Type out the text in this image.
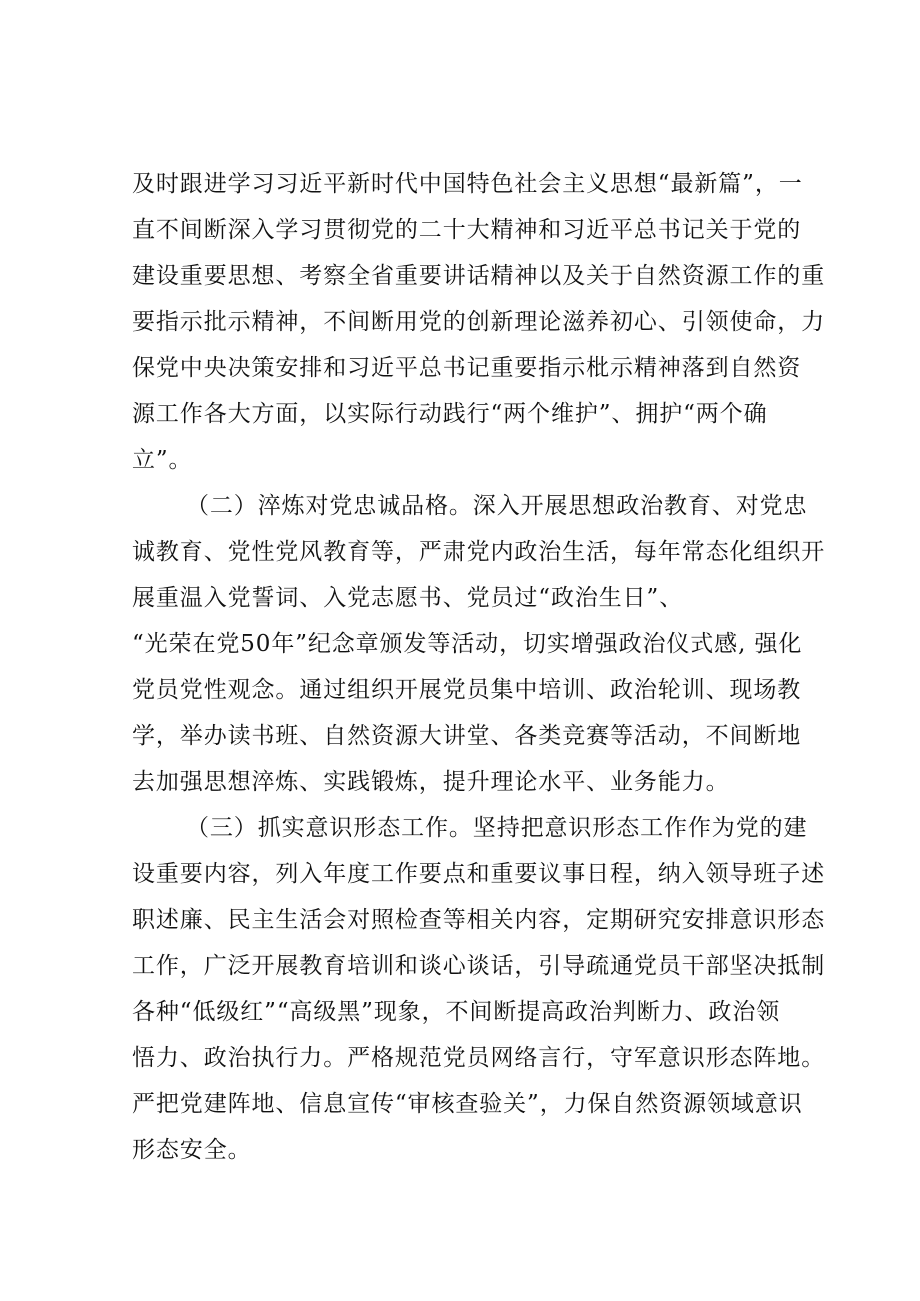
及时跟进学习习近平新时代中国特色社会主义思想“最新篇”，一
直不间断深入学习贯彻党的二十大精神和习近平总书记关于党的
建设重要思想、考察全省重要讲话精神以及关于自然资源工作的重
要指示批示精神，不间断用党的创新理论滋养初心、引领使命，力
保党中央决策安排和习近平总书记重要指示枇示精神落到自然资
源工作各大方面，以实际行动践行“两个维护”、拥护“两个确
立”。
（二）淬炼对党忠诚品格。深入开展思想政治教育、对党忠
诚教育、党性党风教育等，严肃党内政治生活，每年常态化组织开
展重温入党誓词、入党志愿书、党员过“政治生日”、
“光荣在党50年”纪念章颁发等活动，切实增强政治仪式感, 强化
党员党性观念。通过组织开展党员集中培训、政治轮训、现场教
学，举办读书班、自然资源大讲堂、各类竞赛等活动，不间断地
去加强思想淬炼、实践锻炼，提升理论水平、业务能力。
（三）抓实意识形态工作。坚持把意识形态工作作为党的建
设重要内容，列入年度工作要点和重要议事日程，纳入领导班子述
职述廉、民主生活会对照检查等相关内容，定期研究安排意识形态
工作，广泛开展教育培训和谈心谈话，引导疏通党员干部坚决抵制
各种“低级红”“高级黑”现象，不间断提高政治判断力、政治领
悟力、政治执行力。严格规范党员网络言行，守军意识形态阵地。
严把党建阵地、信息宣传“审核查验关”，力保自然资源领域意识
形态安全。
